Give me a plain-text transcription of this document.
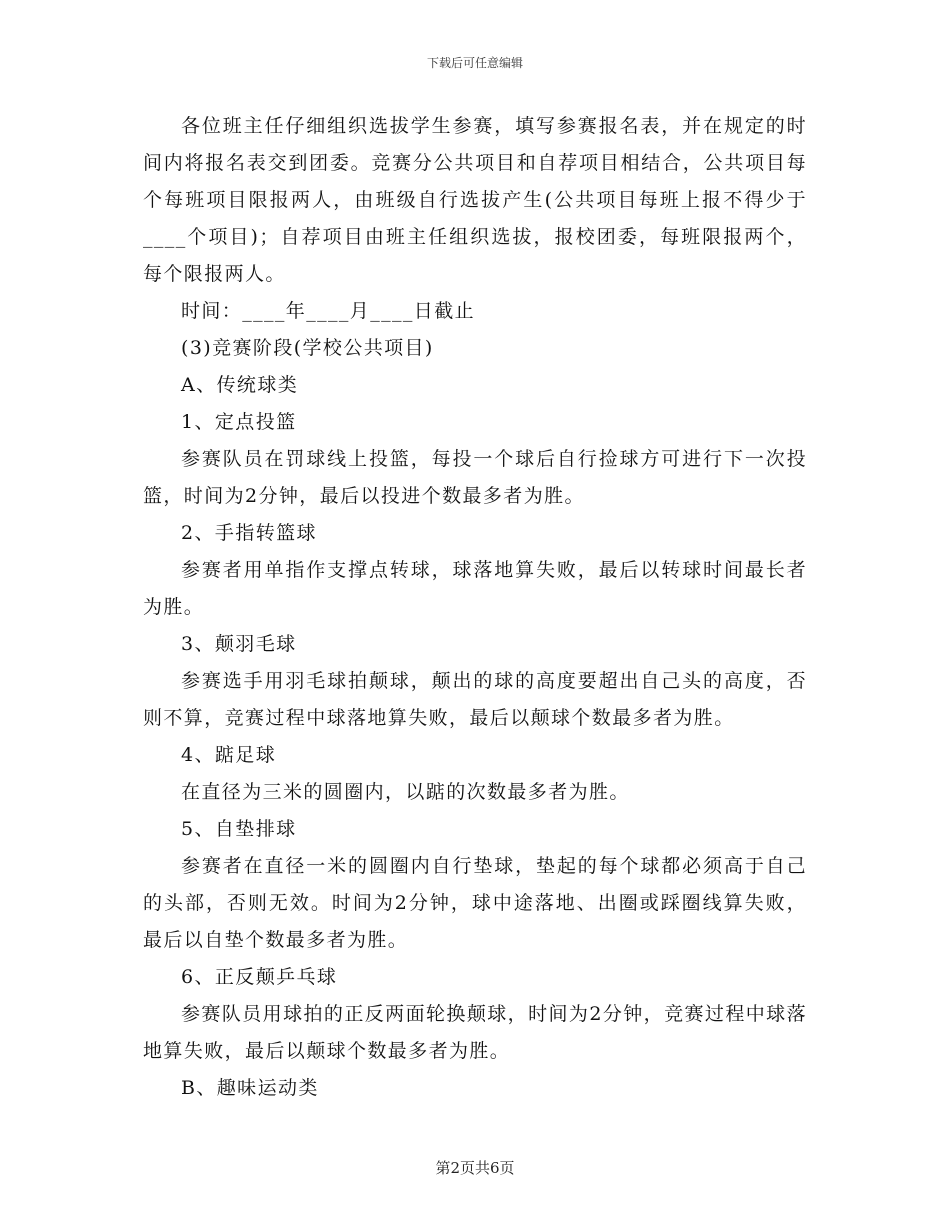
下载后可任意编辑

各位班主任仔细组织选拔学生参赛，填写参赛报名表，并在规定的时间内将报名表交到团委。竞赛分公共项目和自荐项目相结合，公共项目每个每班项目限报两人，由班级自行选拔产生(公共项目每班上报不得少于____个项目)；自荐项目由班主任组织选拔，报校团委，每班限报两个，每个限报两人。

时间：____年____月____日截止

(3)竞赛阶段(学校公共项目)

A、传统球类

1、定点投篮

参赛队员在罚球线上投篮，每投一个球后自行捡球方可进行下一次投篮，时间为2分钟，最后以投进个数最多者为胜。

2、手指转篮球

参赛者用单指作支撑点转球，球落地算失败，最后以转球时间最长者为胜。

3、颠羽毛球

参赛选手用羽毛球拍颠球，颠出的球的高度要超出自己头的高度，否则不算，竞赛过程中球落地算失败，最后以颠球个数最多者为胜。

4、踮足球

在直径为三米的圆圈内，以踮的次数最多者为胜。

5、自垫排球

参赛者在直径一米的圆圈内自行垫球，垫起的每个球都必须高于自己的头部，否则无效。时间为2分钟，球中途落地、出圈或踩圈线算失败，最后以自垫个数最多者为胜。

6、正反颠乒乓球

参赛队员用球拍的正反两面轮换颠球，时间为2分钟，竞赛过程中球落地算失败，最后以颠球个数最多者为胜。

B、趣味运动类

第2页共6页
